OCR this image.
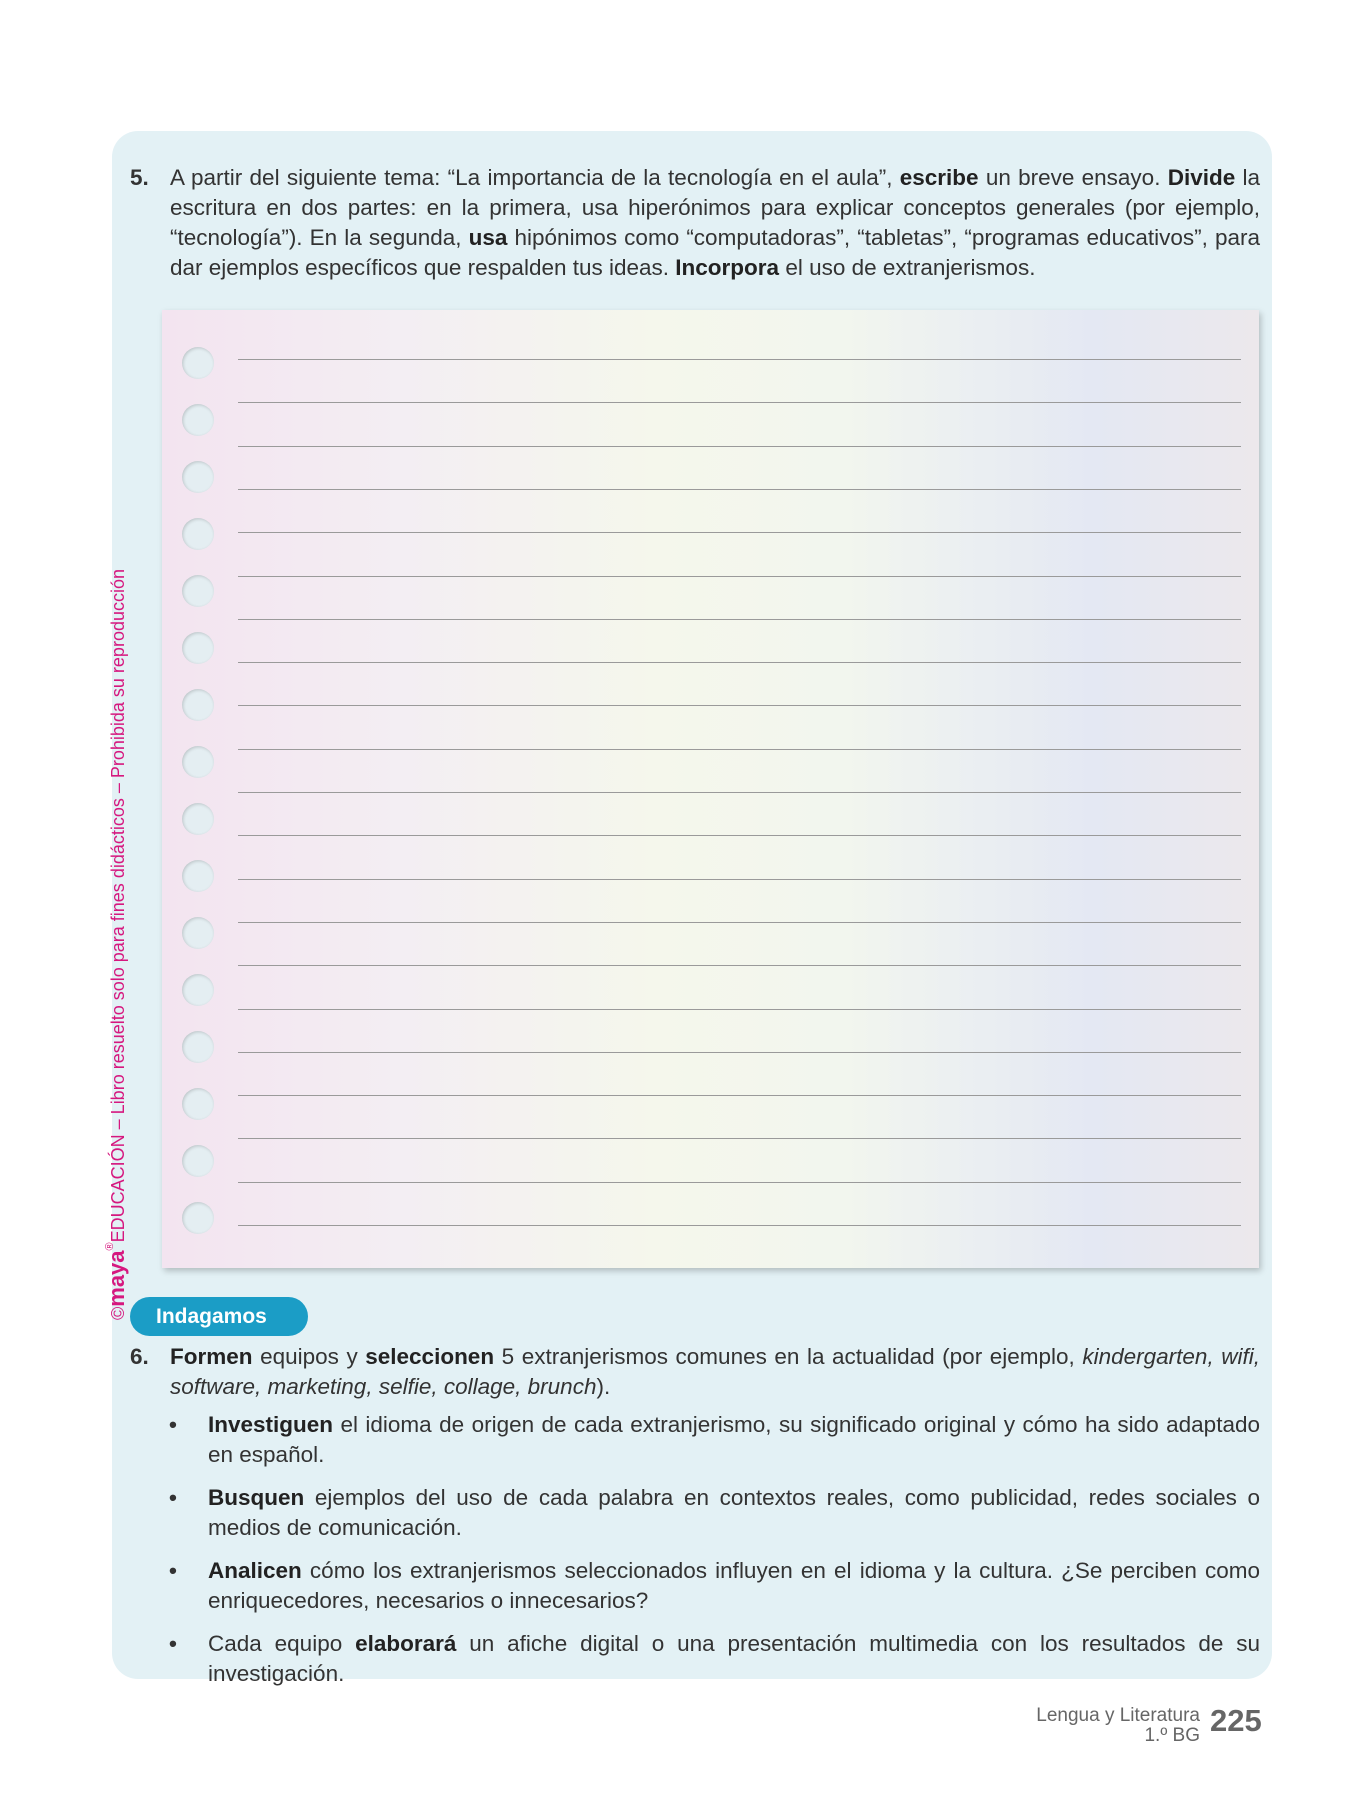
©maya®EDUCACIÓN – Libro resuelto solo para fines didácticos – Prohibida su reproducción
5. A partir del siguiente tema: “La importancia de la tecnología en el aula”, escribe un breve ensayo. Divide la escritura en dos partes: en la primera, usa hiperónimos para explicar conceptos generales (por ejemplo, “tecnología”). En la segunda, usa hipónimos como “computadoras”, “tabletas”, “programas educativos”, para dar ejemplos específicos que respalden tus ideas. Incorpora el uso de extranjerismos.
Indagamos
6. Formen equipos y seleccionen 5 extranjerismos comunes en la actualidad (por ejemplo, kindergarten, wifi, software, marketing, selfie, collage, brunch).
• Investiguen el idioma de origen de cada extranjerismo, su significado original y cómo ha sido adaptado en español.
• Busquen ejemplos del uso de cada palabra en contextos reales, como publicidad, redes sociales o medios de comunicación.
• Analicen cómo los extranjerismos seleccionados influyen en el idioma y la cultura. ¿Se perciben como enriquecedores, necesarios o innecesarios?
• Cada equipo elaborará un afiche digital o una presentación multimedia con los resultados de su investigación.
Lengua y Literatura
1.º BG 225
